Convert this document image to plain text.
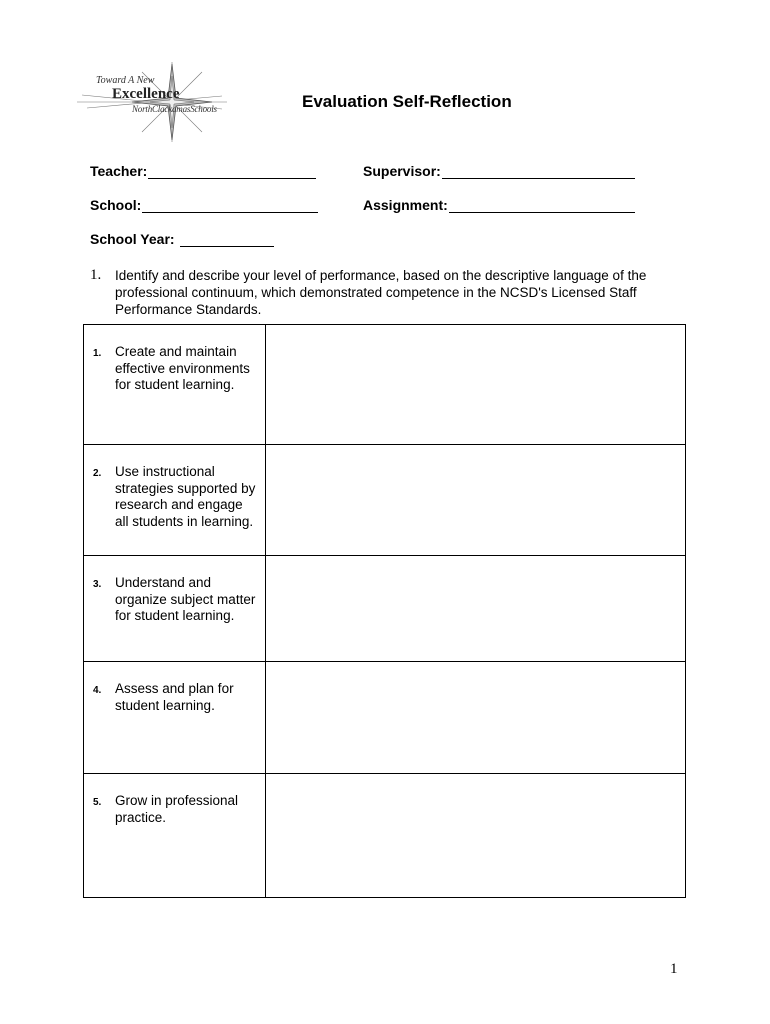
Toward A New
Excellence
NorthClackamasSchools	Evaluation Self-Reflection
Teacher:	Supervisor:
School:	Assignment:
School Year:
1. Identify and describe your level of performance, based on the descriptive language of the professional continuum, which demonstrated competence in the NCSD's Licensed Staff Performance Standards.
1. Create and maintain effective environments for student learning.	

2. Use instructional strategies supported by research and engage all students in learning.	

3. Understand and organize subject matter for student learning.	

4. Assess and plan for student learning.	

5. Grow in professional practice.	

1
